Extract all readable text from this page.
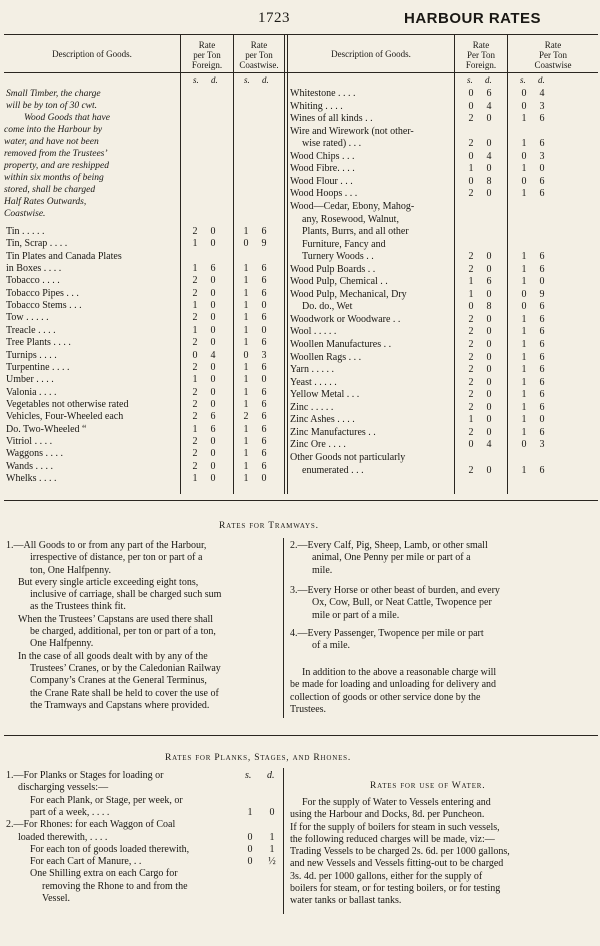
1723	HARBOUR RATES
Description of Goods.
Rate
per Ton
Foreign.
Rate
per Ton
Coastwise.
Description of Goods.
Rate
Per Ton
Foreign.
Rate
Per Ton
Coastwise
s. d.	s. d.	s. d.	s. d.
Small Timber, the charge
will be by ton of 30 cwt.
Wood Goods that have
come into the Harbour by
water, and have not been
removed from the Trustees’
property, and are reshipped
within six months of being
stored, shall be charged
Half Rates Outwards,
Coastwise.
Tin . . . . .	2 0	1 6
Tin, Scrap . . . .	1 0	0 9
Tin Plates and Canada Plates
in Boxes . . . .	1 6	1 6
Tobacco . . . .	2 0	1 6
Tobacco Pipes . . .	2 0	1 6
Tobacco Stems . . .	1 0	1 0
Tow . . . . .	2 0	1 6
Treacle . . . .	1 0	1 0
Tree Plants . . . .	2 0	1 6
Turnips . . . .	0 4	0 3
Turpentine . . . .	2 0	1 6
Umber . . . .	1 0	1 0
Valonia . . . .	2 0	1 6
Vegetables not otherwise rated	2 0	1 6
Vehicles, Four-Wheeled each	2 6	2 6
Do. Two-Wheeled “	1 6	1 6
Vitriol . . . .	2 0	1 6
Waggons . . . .	2 0	1 6
Wands . . . .	2 0	1 6
Whelks . . . .	1 0	1 0
Whitestone . . . .	0 6	0 4
Whiting . . . .	0 4	0 3
Wines of all kinds . .	2 0	1 6
Wire and Wirework (not other-
wise rated) . . .	2 0	1 6
Wood Chips . . .	0 4	0 3
Wood Fibre. . . .	1 0	1 0
Wood Flour . . .	0 8	0 6
Wood Hoops . . .	2 0	1 6
Wood—Cedar, Ebony, Mahog-
any, Rosewood, Walnut,
Plants, Burrs, and all other
Furniture, Fancy and
Turnery Woods . .	2 0	1 6
Wood Pulp Boards . .	2 0	1 6
Wood Pulp, Chemical . .	1 6	1 0
Wood Pulp, Mechanical, Dry	1 0	0 9
Do. do., Wet	0 8	0 6
Woodwork or Woodware . .	2 0	1 6
Wool . . . . .	2 0	1 6
Woollen Manufactures . .	2 0	1 6
Woollen Rags . . .	2 0	1 6
Yarn . . . . .	2 0	1 6
Yeast . . . . .	2 0	1 6
Yellow Metal . . .	2 0	1 6
Zinc . . . . .	2 0	1 6
Zinc Ashes . . . .	1 0	1 0
Zinc Manufactures . .	2 0	1 6
Zinc Ore . . . .	0 4	0 3
Other Goods not particularly
enumerated . . .	2 0	1 6
Rates for Tramways.
1.—All Goods to or from any part of the Harbour,
irrespective of distance, per ton or part of a
ton, One Halfpenny.
But every single article exceeding eight tons,
inclusive of carriage, shall be charged such sum
as the Trustees think fit.
When the Trustees’ Capstans are used there shall
be charged, additional, per ton or part of a ton,
One Halfpenny.
In the case of all goods dealt with by any of the
Trustees’ Cranes, or by the Caledonian Railway
Company’s Cranes at the General Terminus,
the Crane Rate shall be held to cover the use of
the Tramways and Capstans where provided.
2.—Every Calf, Pig, Sheep, Lamb, or other small
animal, One Penny per mile or part of a
mile.
3.—Every Horse or other beast of burden, and every
Ox, Cow, Bull, or Neat Cattle, Twopence per
mile or part of a mile.
4.—Every Passenger, Twopence per mile or part
of a mile.
In addition to the above a reasonable charge will
be made for loading and unloading for delivery and
collection of goods or other service done by the
Trustees.
Rates for Planks, Stages, and Rhones.
s. d.
1.—For Planks or Stages for loading or
discharging vessels:—
For each Plank, or Stage, per week, or
part of a week, . . . .	1 0
2.—For Rhones: for each Waggon of Coal
loaded therewith, . . . .	0 1
For each ton of goods loaded therewith,	0 1
For each Cart of Manure, . .	0 ½
One Shilling extra on each Cargo for
removing the Rhone to and from the
Vessel.
Rates for use of Water.
For the supply of Water to Vessels entering and
using the Harbour and Docks, 8d. per Puncheon.
If for the supply of boilers for steam in such vessels,
the following reduced charges will be made, viz:—
Trading Vessels to be charged 2s. 6d. per 1000 gallons,
and new Vessels and Vessels fitting-out to be charged
3s. 4d. per 1000 gallons, either for the supply of
boilers for steam, or for testing boilers, or for testing
water tanks or ballast tanks.
